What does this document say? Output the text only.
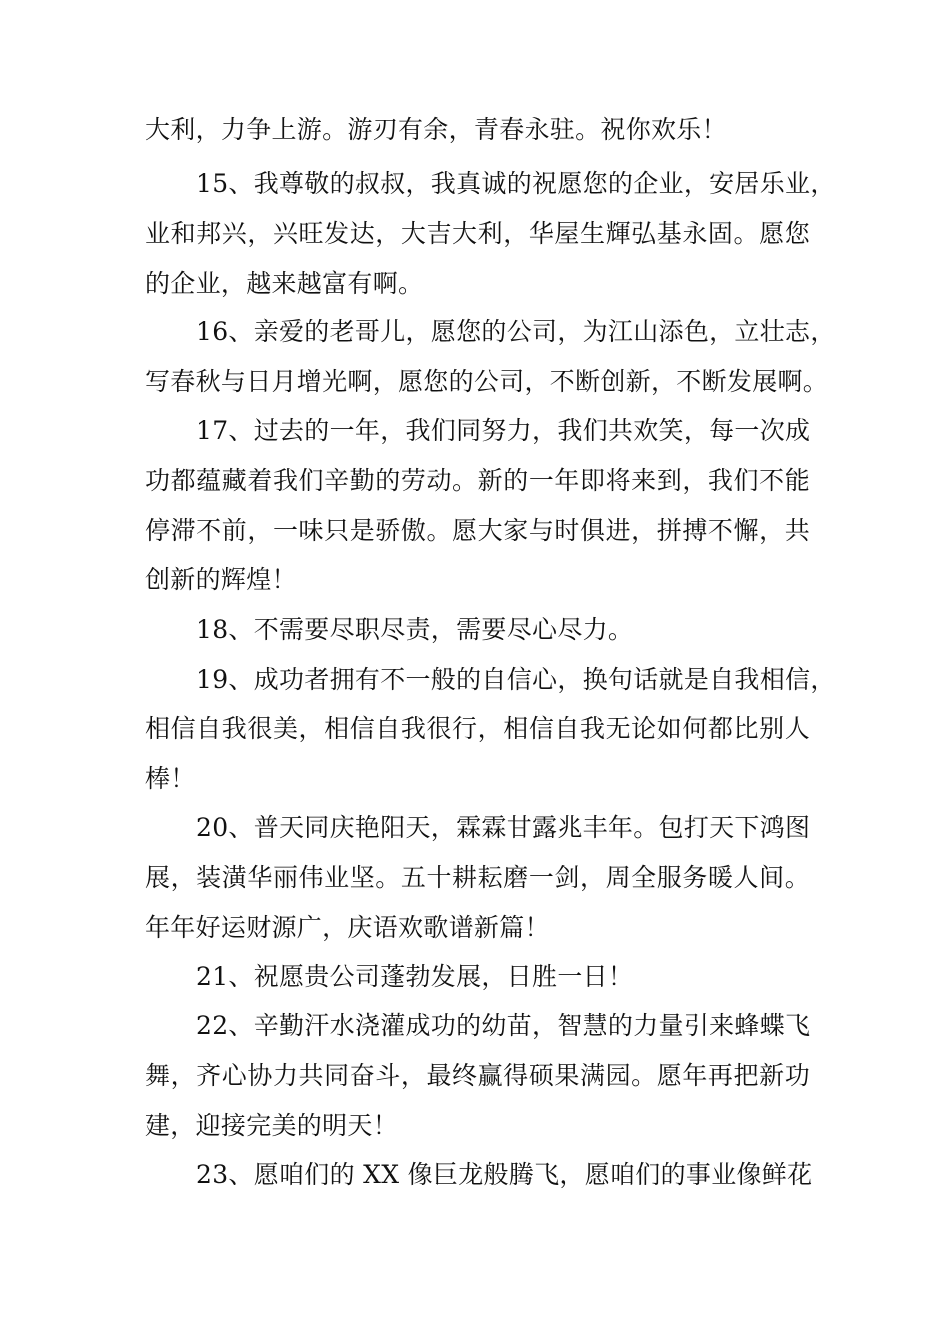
大利，力争上游。游刃有余，青春永驻。祝你欢乐！
15、我尊敬的叔叔，我真诚的祝愿您的企业，安居乐业，
业和邦兴，兴旺发达，大吉大利，华屋生輝弘基永固。愿您
的企业，越来越富有啊。
16、亲爱的老哥儿，愿您的公司，为江山添色，立壮志，
写春秋与日月增光啊，愿您的公司，不断创新，不断发展啊。
17、过去的一年，我们同努力，我们共欢笑，每一次成
功都蕴藏着我们辛勤的劳动。新的一年即将来到，我们不能
停滞不前，一味只是骄傲。愿大家与时俱进，拼搏不懈，共
创新的辉煌！
18、不需要尽职尽责，需要尽心尽力。
19、成功者拥有不一般的自信心，换句话就是自我相信，
相信自我很美，相信自我很行，相信自我无论如何都比别人
棒！
20、普天同庆艳阳天，霖霖甘露兆丰年。包打天下鸿图
展，装潢华丽伟业坚。五十耕耘磨一剑，周全服务暖人间。
年年好运财源广，庆语欢歌谱新篇！
21、祝愿贵公司蓬勃发展，日胜一日！
22、辛勤汗水浇灌成功的幼苗，智慧的力量引来蜂蝶飞
舞，齐心协力共同奋斗，最终赢得硕果满园。愿年再把新功
建，迎接完美的明天！
23、愿咱们的 XX 像巨龙般腾飞，愿咱们的事业像鲜花
